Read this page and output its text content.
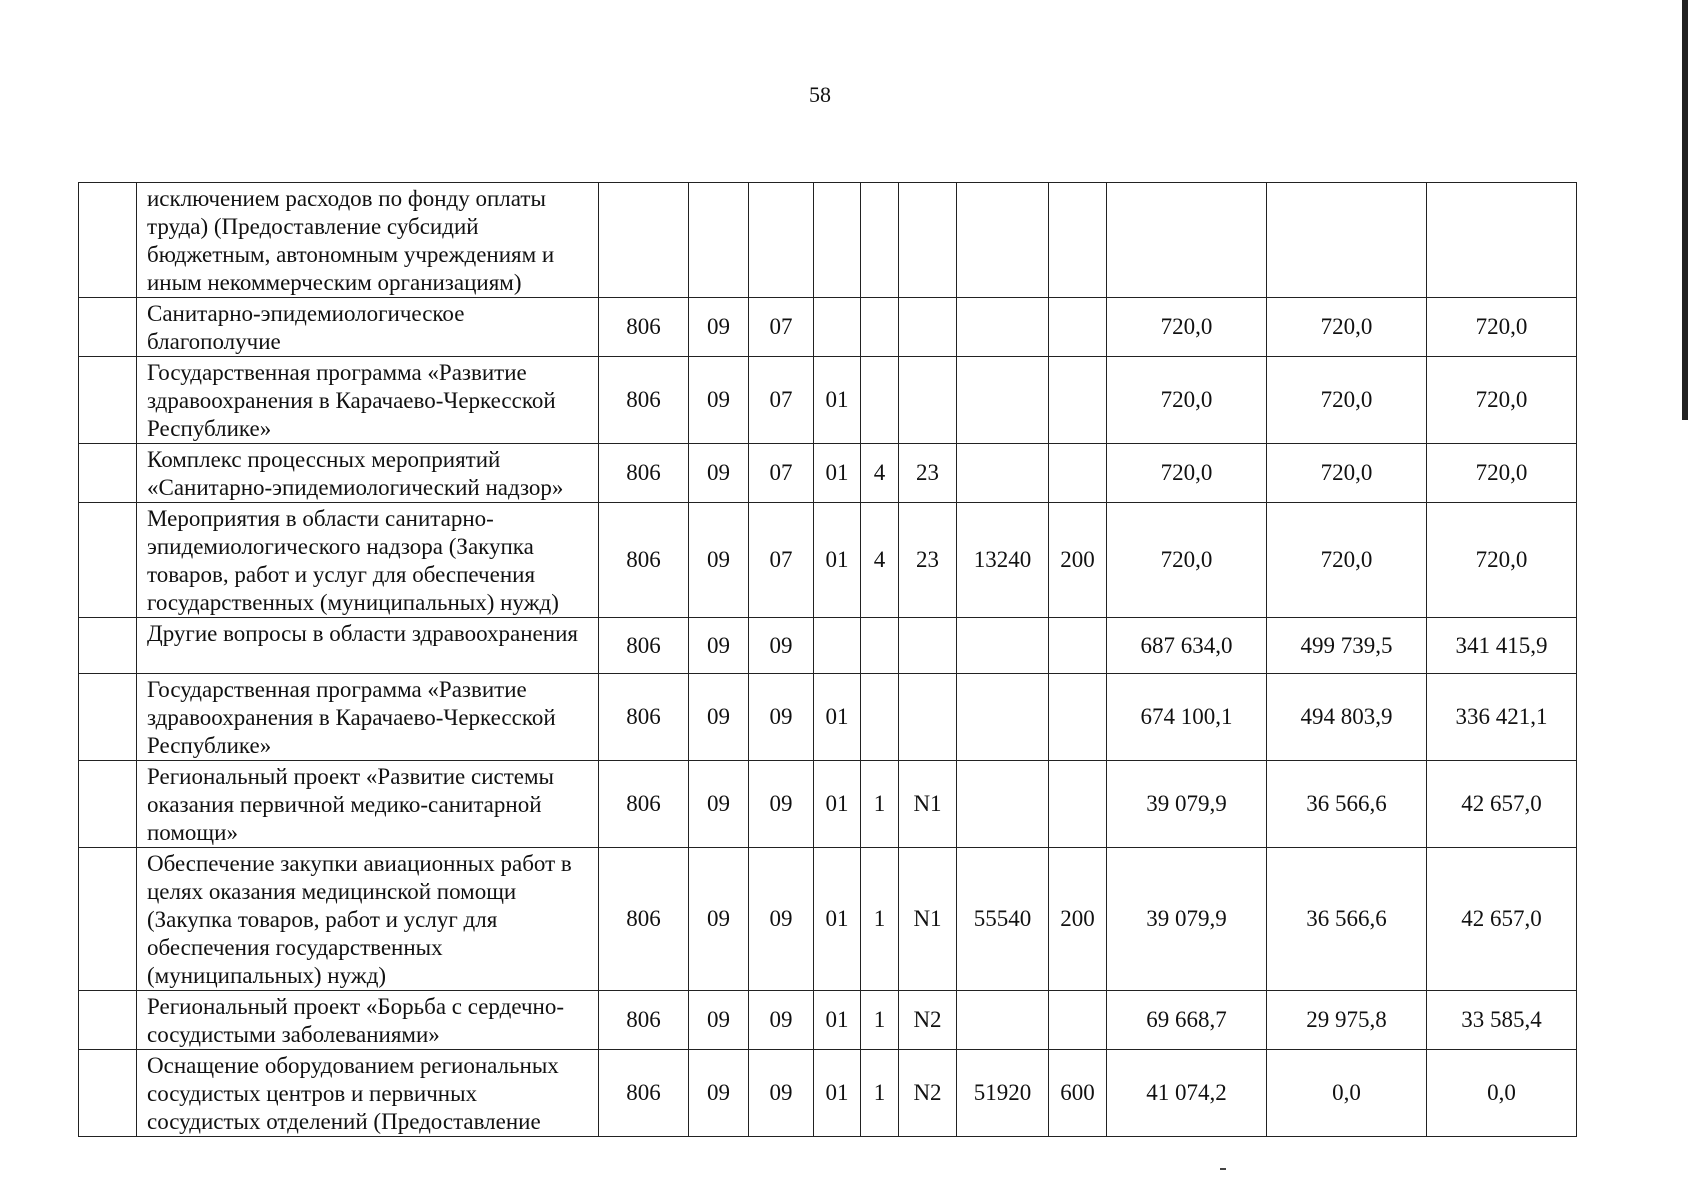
58
	исключением расходов по фонду оплаты труда) (Предоставление субсидий бюджетным, автономным учреждениям и иным некоммерческим организациям)											
	Санитарно-эпидемиологическое благополучие	806	09	07						720,0	720,0	720,0
	Государственная программа «Развитие здравоохранения в Карачаево-Черкесской Республике»	806	09	07	01					720,0	720,0	720,0
	Комплекс процессных мероприятий «Санитарно-эпидемиологический надзор»	806	09	07	01	4	23			720,0	720,0	720,0
	Мероприятия в области санитарно-эпидемиологического надзора (Закупка товаров, работ и услуг для обеспечения государственных (муниципальных) нужд)	806	09	07	01	4	23	13240	200	720,0	720,0	720,0
	Другие вопросы в области здравоохранения	806	09	09						687 634,0	499 739,5	341 415,9
	Государственная программа «Развитие здравоохранения в Карачаево-Черкесской Республике»	806	09	09	01					674 100,1	494 803,9	336 421,1
	Региональный проект «Развитие системы оказания первичной медико-санитарной помощи»	806	09	09	01	1	N1			39 079,9	36 566,6	42 657,0
	Обеспечение закупки авиационных работ в целях оказания медицинской помощи (Закупка товаров, работ и услуг для обеспечения государственных (муниципальных) нужд)	806	09	09	01	1	N1	55540	200	39 079,9	36 566,6	42 657,0
	Региональный проект «Борьба с сердечно-сосудистыми заболеваниями»	806	09	09	01	1	N2			69 668,7	29 975,8	33 585,4
	Оснащение оборудованием региональных сосудистых центров и первичных сосудистых отделений (Предоставление	806	09	09	01	1	N2	51920	600	41 074,2	0,0	0,0
